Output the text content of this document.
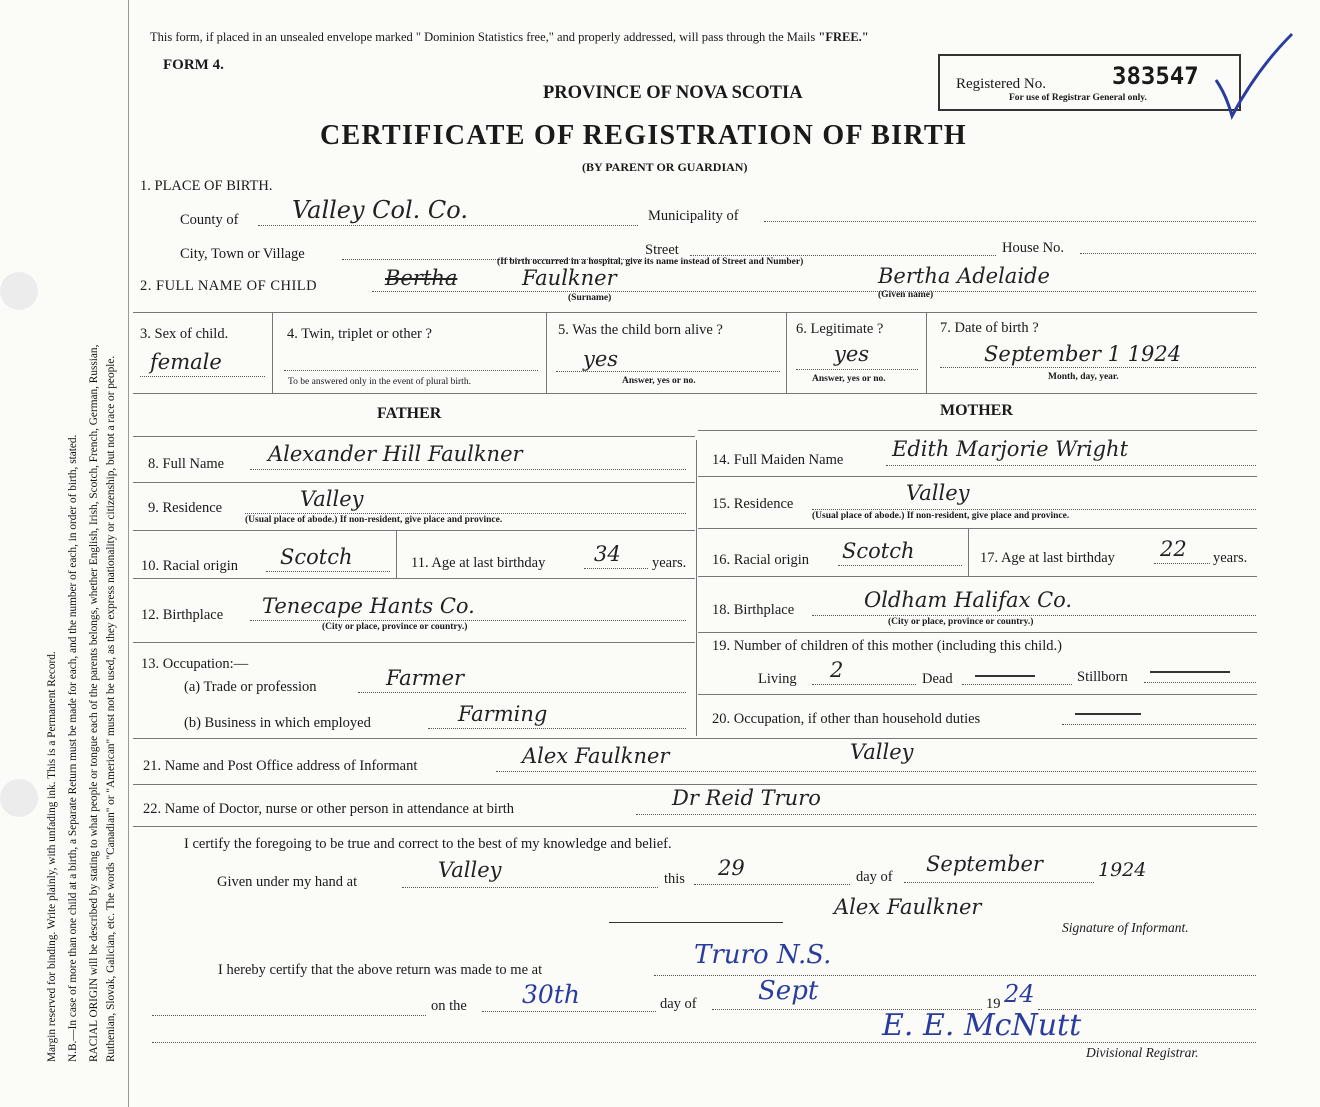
Margin reserved for binding. Write plainly, with unfading ink. This is a Permanent Record. N.B.—In case of more than one child at a birth, a Separate Return must be made for each, and the number of each, in order of birth, stated. RACIAL ORIGIN will be described by stating to what people or tongue each of the parents belongs, whether English, Irish, Scotch, French, German, Russian, Ruthenian, Slovak, Galician, etc. The words "Canadian" or "American" must not be used, as they express nationality or citizenship, but not a race or people.
This form, if placed in an unsealed envelope marked " Dominion Statistics free," and properly addressed, will pass through the Mails "FREE."
FORM 4.
PROVINCE OF NOVA SCOTIA
CERTIFICATE OF REGISTRATION OF BIRTH
(BY PARENT OR GUARDIAN)
Registered No.	383547
For use of Registrar General only.
1. PLACE OF BIRTH.
County of Valley Col. Co.	Municipality of
City, Town or Village	Street	House No.
(If birth occurred in a hospital, give its name instead of Street and Number)
2. FULL NAME OF CHILD	Bertha	Faulkner
(Surname)
Bertha Adelaide
(Given name)
3. Sex of child.
female
4. Twin, triplet or other ?
To be answered only in the event of plural birth.
5. Was the child born alive ?
yes
Answer, yes or no.
6. Legitimate ?
yes
Answer, yes or no.
7. Date of birth ?
September 1 1924
Month, day, year.
FATHER	MOTHER
8. Full Name Alexander Hill Faulkner
9. Residence	Valley
(Usual place of abode.) If non-resident, give place and province.
10. Racial origin Scotch	11. Age at last birthday 34 years.
12. Birthplace Tenecape Hants Co.
(City or place, province or country.)
13. Occupation:—
(a) Trade or profession	Farmer
(b) Business in which employed	Farming
14. Full Maiden Name Edith Marjorie Wright
15. Residence	Valley
(Usual place of abode.) If non-resident, give place and province.
16. Racial origin Scotch	17. Age at last birthday 22 years.
18. Birthplace	Oldham Halifax Co.
(City or place, province or country.)
19. Number of children of this mother (including this child.)
Living 2	Dead	Stillborn
20. Occupation, if other than household duties
21. Name and Post Office address of Informant	Alex Faulkner	Valley
22. Name of Doctor, nurse or other person in attendance at birth	Dr Reid Truro
I certify the foregoing to be true and correct to the best of my knowledge and belief.
Given under my hand at	Valley	this 29	day of
September	1924
Alex Faulkner
Signature of Informant.
I hereby certify that the above return was made to me at	Truro N.S.
on the 30th	day of Sept	19 24
E. E. McNutt
Divisional Registrar.
